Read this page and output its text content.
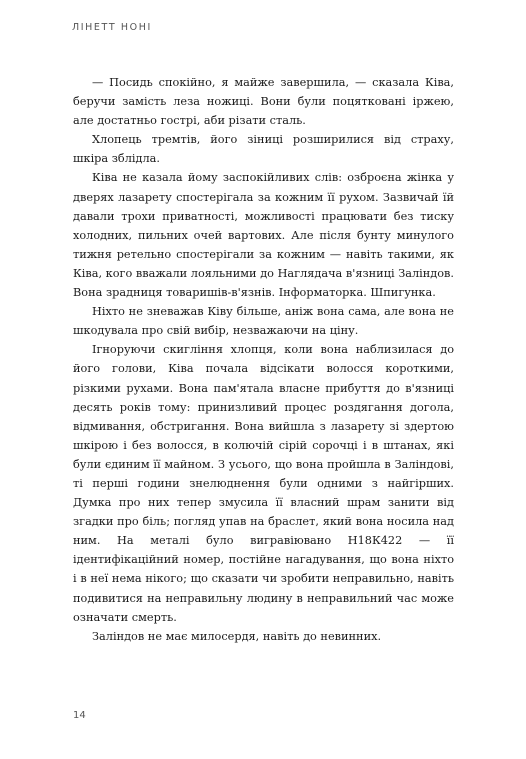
ЛІНЕТТ НОНІ

— Посидь спокійно, я майже завершила, — сказала Ківа, беручи замість леза ножиці. Вони були поцятковані іржею, але достатньо гострі, аби різати сталь.

Хлопець тремтів, його зіниці розширилися від страху, шкіра зблідла.

Ківа не казала йому заспокійливих слів: озброєна жінка у дверях лазарету спостерігала за кожним її рухом. Зазвичай їй давали трохи приватності, можливості працювати без тиску холодних, пильних очей вартових. Але після бунту минулого тижня ретельно спостерігали за кожним — навіть такими, як Ківа, кого вважали лояльними до Наглядача в'язниці Заліндов. Вона зрадниця товаришів-в'язнів. Інформаторка. Шпигунка.

Ніхто не зневажав Ківу більше, аніж вона сама, але вона не шкодувала про свій вибір, незважаючи на ціну.

Ігноруючи скиглiння хлопця, коли вона наблизилася до його голови, Ківа почала відсікати волосся короткими, різкими рухами. Вона пам'ятала власне прибуття до в'язниці десять років тому: принизливий процес роздягання догола, відмивання, обстригання. Вона вийшла з лазарету зі здертою шкірою і без волосся, в колючій сірій сорочці і в штанах, які були єдиним її майном. З усього, що вона пройшла в Заліндові, ті перші години знелюднення були одними з найгірших. Думка про них тепер змусила її власний шрам занити від згадки про біль; погляд упав на браслет, який вона носила над ним. На металі було вигравіювано Н18К422 — її ідентифікаційний номер, постійне нагадування, що вона ніхто і в неї нема нікого; що сказати чи зробити неправильно, навіть подивитися на неправильну людину в неправильний час може означати смерть.

Заліндов не має милосердя, навіть до невинних.

14
